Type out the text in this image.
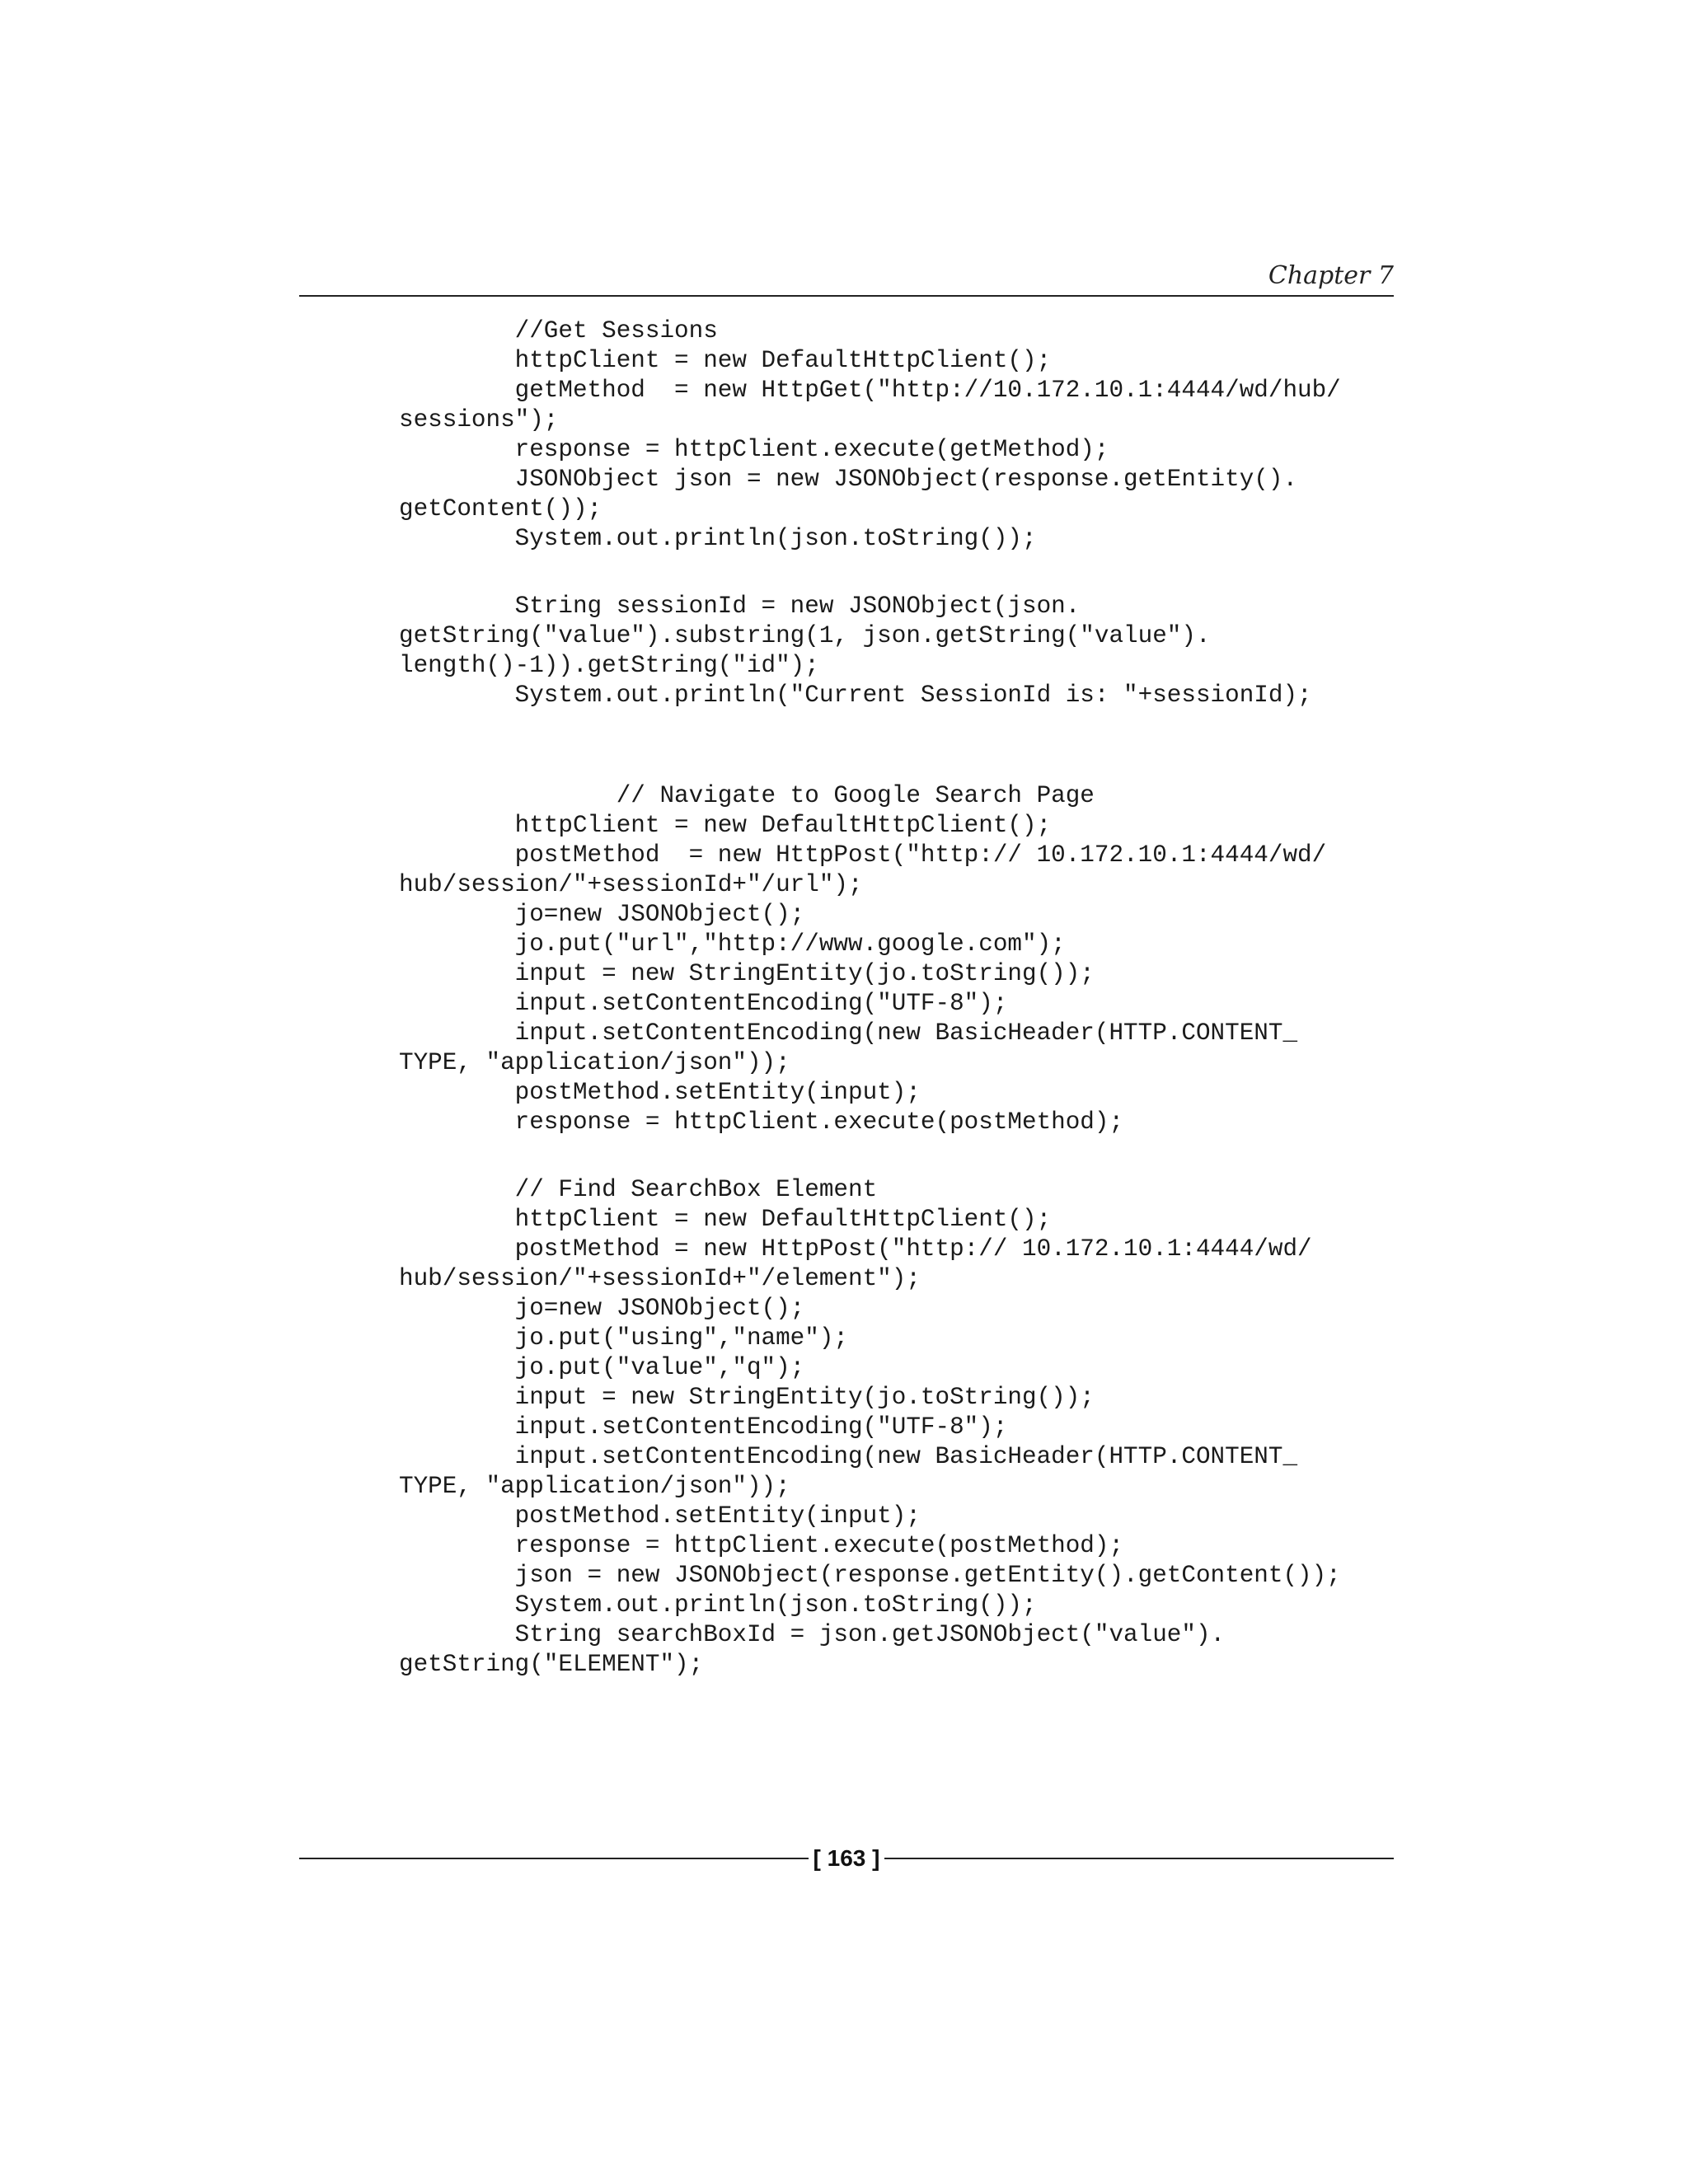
Chapter 7
//Get Sessions
httpClient = new DefaultHttpClient();
getMethod  = new HttpGet("http://10.172.10.1:4444/wd/hub/
sessions");
response = httpClient.execute(getMethod);
JSONObject json = new JSONObject(response.getEntity().
getContent());
System.out.println(json.toString());
String sessionId = new JSONObject(json.
getString("value").substring(1, json.getString("value").
length()-1)).getString("id");
System.out.println("Current SessionId is: "+sessionId);
// Navigate to Google Search Page
httpClient = new DefaultHttpClient();
postMethod  = new HttpPost("http:// 10.172.10.1:4444/wd/
hub/session/"+sessionId+"/url");
jo=new JSONObject();
jo.put("url","http://www.google.com");
input = new StringEntity(jo.toString());
input.setContentEncoding("UTF-8");
input.setContentEncoding(new BasicHeader(HTTP.CONTENT_
TYPE, "application/json"));
postMethod.setEntity(input);
response = httpClient.execute(postMethod);
// Find SearchBox Element
httpClient = new DefaultHttpClient();
postMethod = new HttpPost("http:// 10.172.10.1:4444/wd/
hub/session/"+sessionId+"/element");
jo=new JSONObject();
jo.put("using","name");
jo.put("value","q");
input = new StringEntity(jo.toString());
input.setContentEncoding("UTF-8");
input.setContentEncoding(new BasicHeader(HTTP.CONTENT_
TYPE, "application/json"));
postMethod.setEntity(input);
response = httpClient.execute(postMethod);
json = new JSONObject(response.getEntity().getContent());
System.out.println(json.toString());
String searchBoxId = json.getJSONObject("value").
getString("ELEMENT");
[ 163 ]
